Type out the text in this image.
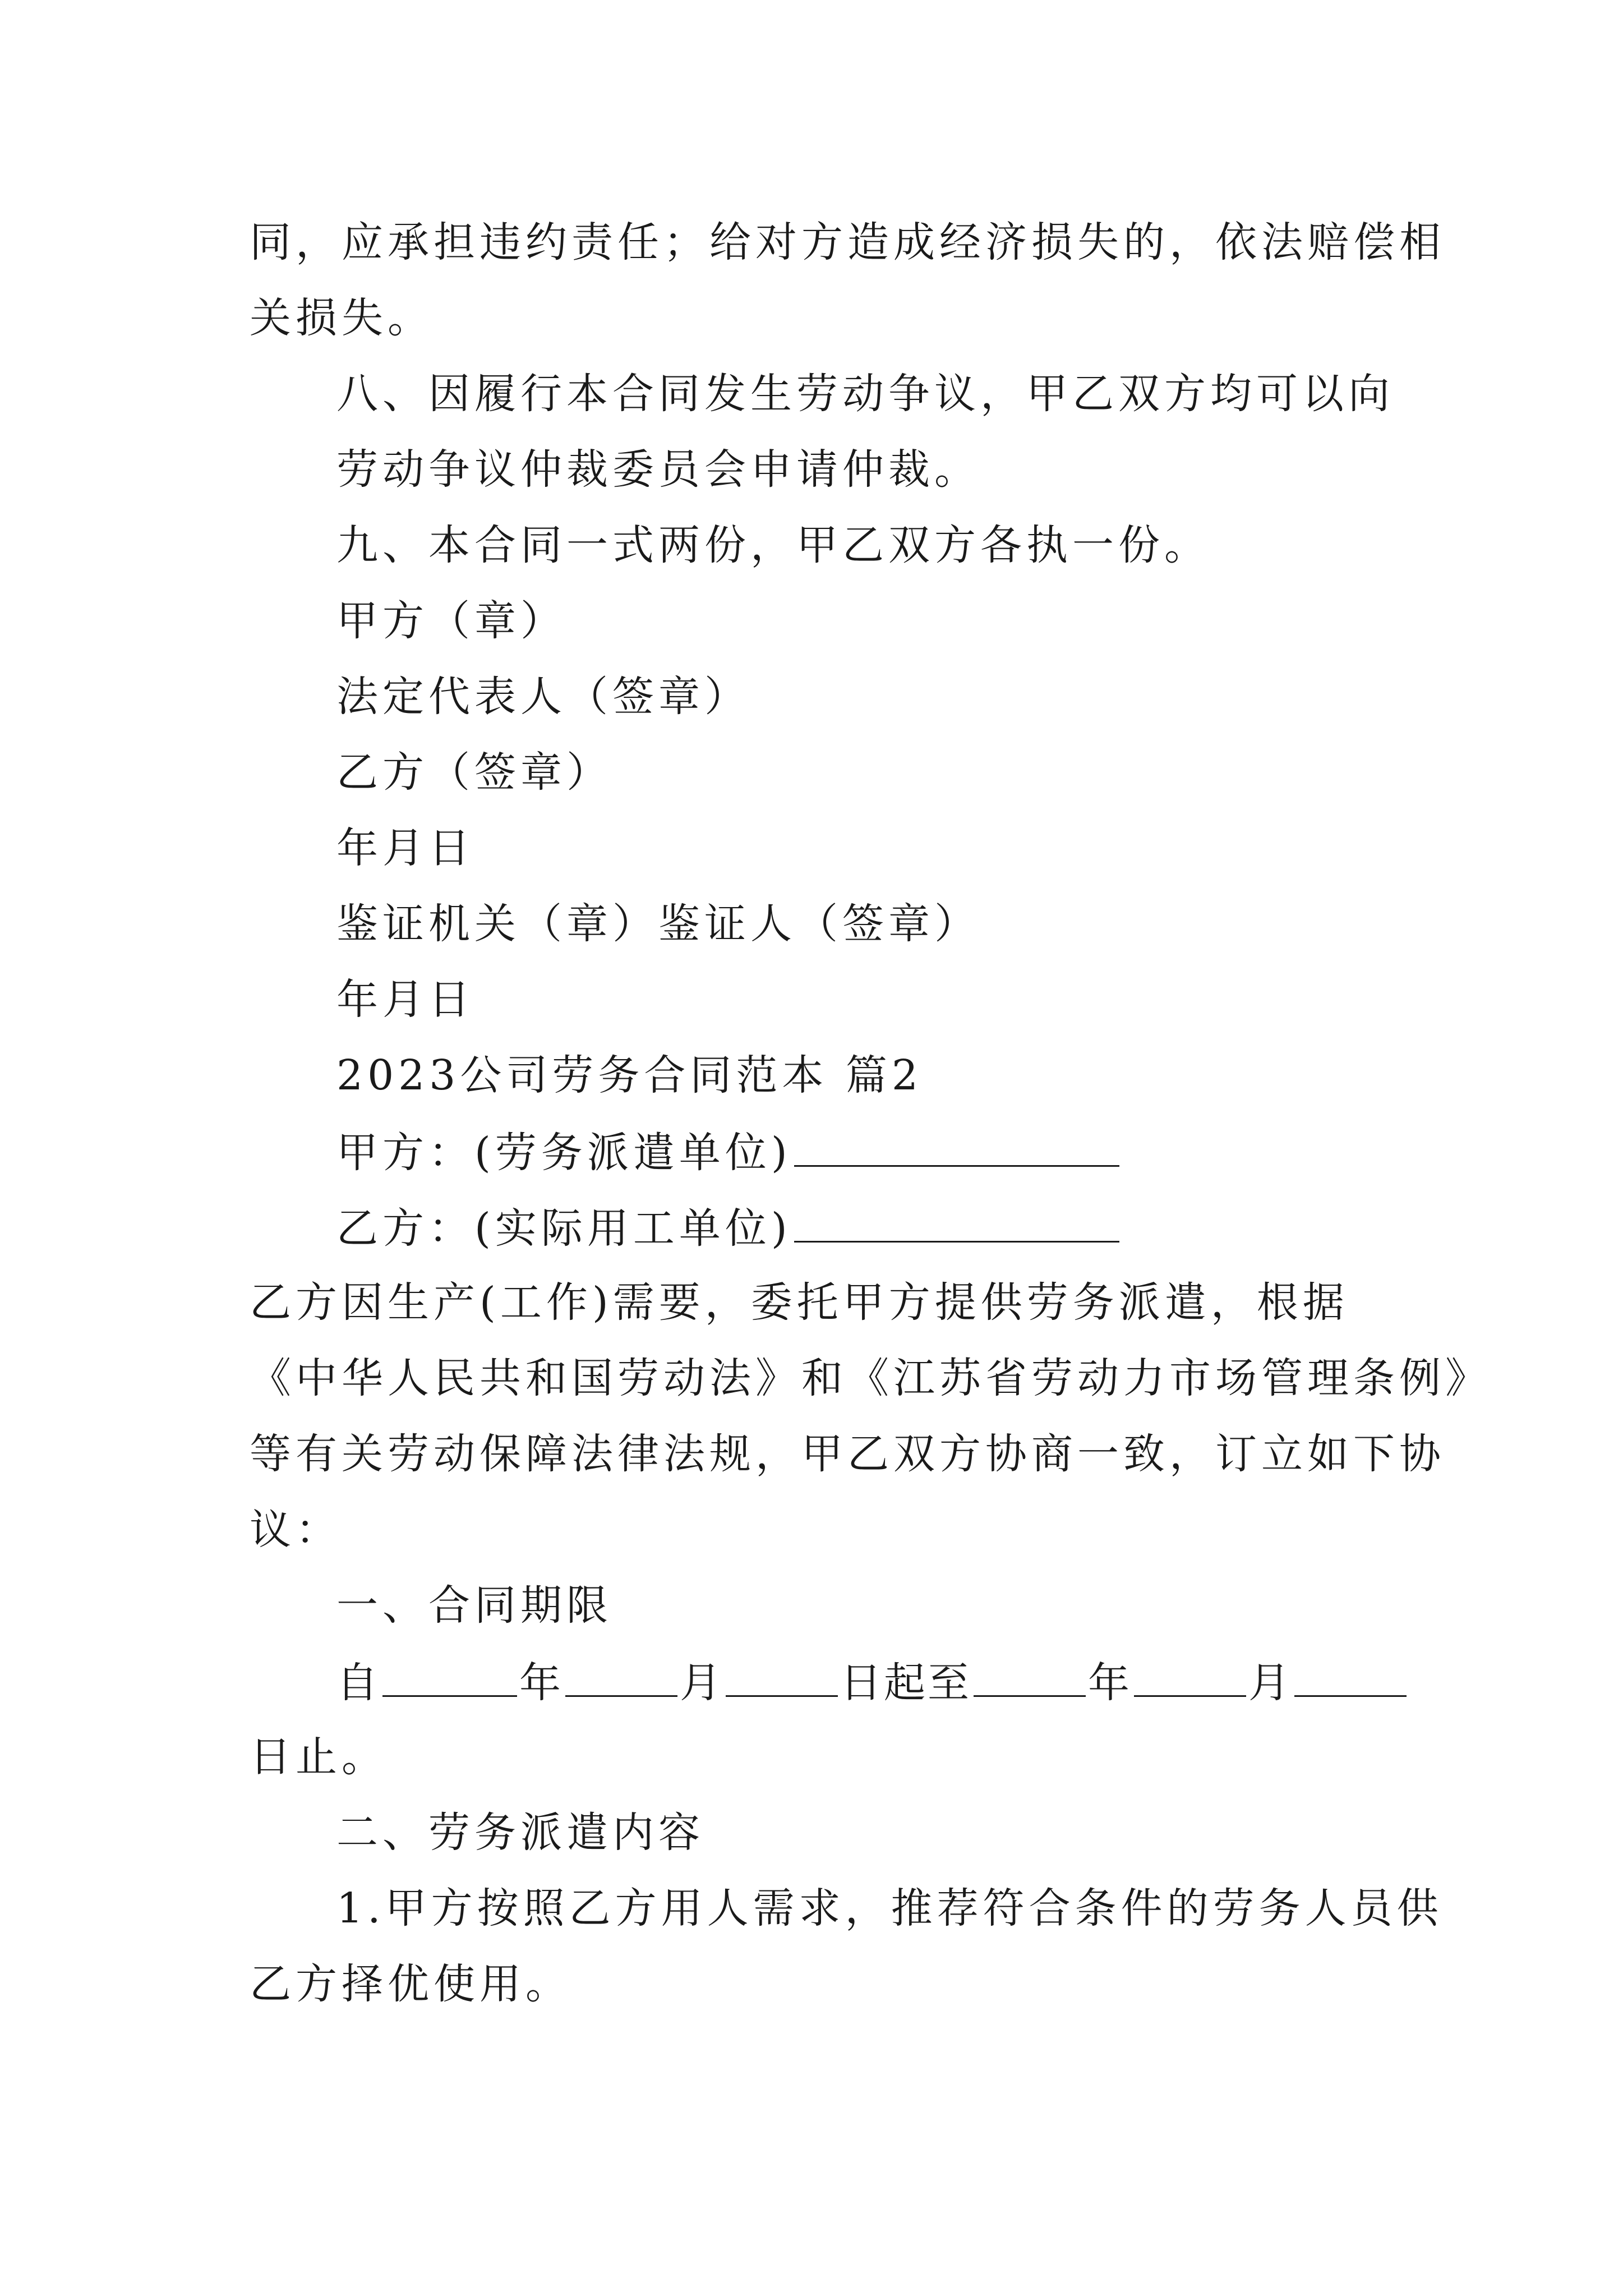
同，应承担违约责任；给对方造成经济损失的，依法赔偿相
关损失。
八、因履行本合同发生劳动争议，甲乙双方均可以向
劳动争议仲裁委员会申请仲裁。
九、本合同一式两份，甲乙双方各执一份。
甲方（章）
法定代表人（签章）
乙方（签章）
年月日
鉴证机关（章）鉴证人（签章）
年月日
2023公司劳务合同范本 篇2
甲方：(劳务派遣单位)
乙方：(实际用工单位)
乙方因生产(工作)需要，委托甲方提供劳务派遣，根据
《中华人民共和国劳动法》和《江苏省劳动力市场管理条例》
等有关劳动保障法律法规，甲乙双方协商一致，订立如下协
议：
一、合同期限
自	年	月	日起至	年	月
日止。
二、劳务派遣内容
1.甲方按照乙方用人需求，推荐符合条件的劳务人员供
乙方择优使用。
